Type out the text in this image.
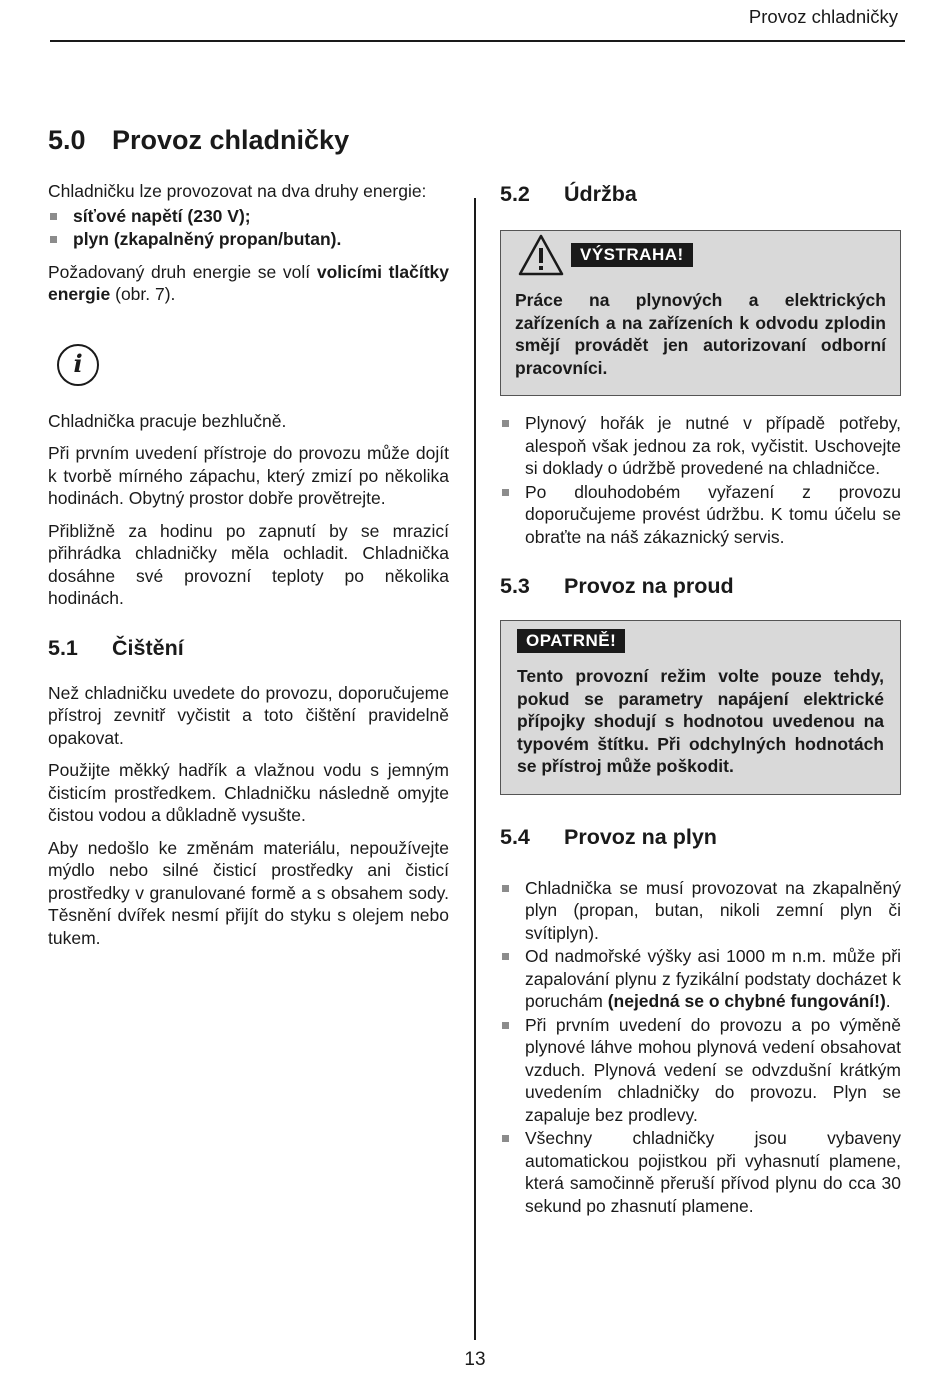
Provoz chladničky
5.0 Provoz chladničky

Chladničku lze provozovat na dva druhy energie:

síťové napětí (230 V);
plyn (zkapalněný propan/butan).

Požadovaný druh energie se volí volicími tlačítky energie (obr. 7).

i

Chladnička pracuje bezhlučně.

Při prvním uvedení přístroje do provozu může dojít k tvorbě mírného zápachu, který zmizí po několika hodinách. Obytný prostor dobře provětrejte.

Přibližně za hodinu po zapnutí by se mrazicí přihrádka chladničky měla ochladit. Chladnička dosáhne své provozní teploty po několika hodinách.

5.1 Čištění

Než chladničku uvedete do provozu, doporučujeme přístroj zevnitř vyčistit a toto čištění pravidelně opakovat.

Použijte měkký hadřík a vlažnou vodu s jemným čisticím prostředkem. Chladničku následně omyjte čistou vodou a důkladně vysušte.

Aby nedošlo ke změnám materiálu, nepoužívejte mýdlo nebo silné čisticí prostředky ani čisticí prostředky v granulované formě a s obsahem sody. Těsnění dvířek nesmí přijít do styku s olejem nebo tukem.

5.2 Údržba
VÝSTRAHA!

Práce na plynových a elektrických zařízeních a na zařízeních k odvodu zplodin smějí provádět jen autorizovaní odborní pracovníci.

Plynový hořák je nutné v případě potřeby, alespoň však jednou za rok, vyčistit. Uschovejte si doklady o údržbě provedené na chladničce.
Po dlouhodobém vyřazení z provozu doporučujeme provést údržbu. K tomu účelu se obraťte na náš zákaznický servis.
5.3 Provoz na proud
OPATRNĚ!

Tento provozní režim volte pouze tehdy, pokud se parametry napájení elektrické přípojky shodují s hodnotou uvedenou na typovém štítku. Při odchylných hodnotách se přístroj může poškodit.

5.4 Provoz na plyn
Chladnička se musí provozovat na zkapalněný plyn (propan, butan, nikoli zemní plyn či svítiplyn).
Od nadmořské výšky asi 1000 m n.m. může při zapalování plynu z fyzikální podstaty docházet k poruchám (nejedná se o chybné fungování!).
Při prvním uvedení do provozu a po výměně plynové láhve mohou plynová vedení obsahovat vzduch. Plynová vedení se odvzdušní krátkým uvedením chladničky do provozu. Plyn se zapaluje bez prodlevy.
Všechny chladničky jsou vybaveny automatickou pojistkou při vyhasnutí plamene, která samočinně přeruší přívod plynu do cca 30 sekund po zhasnutí plamene.
13
